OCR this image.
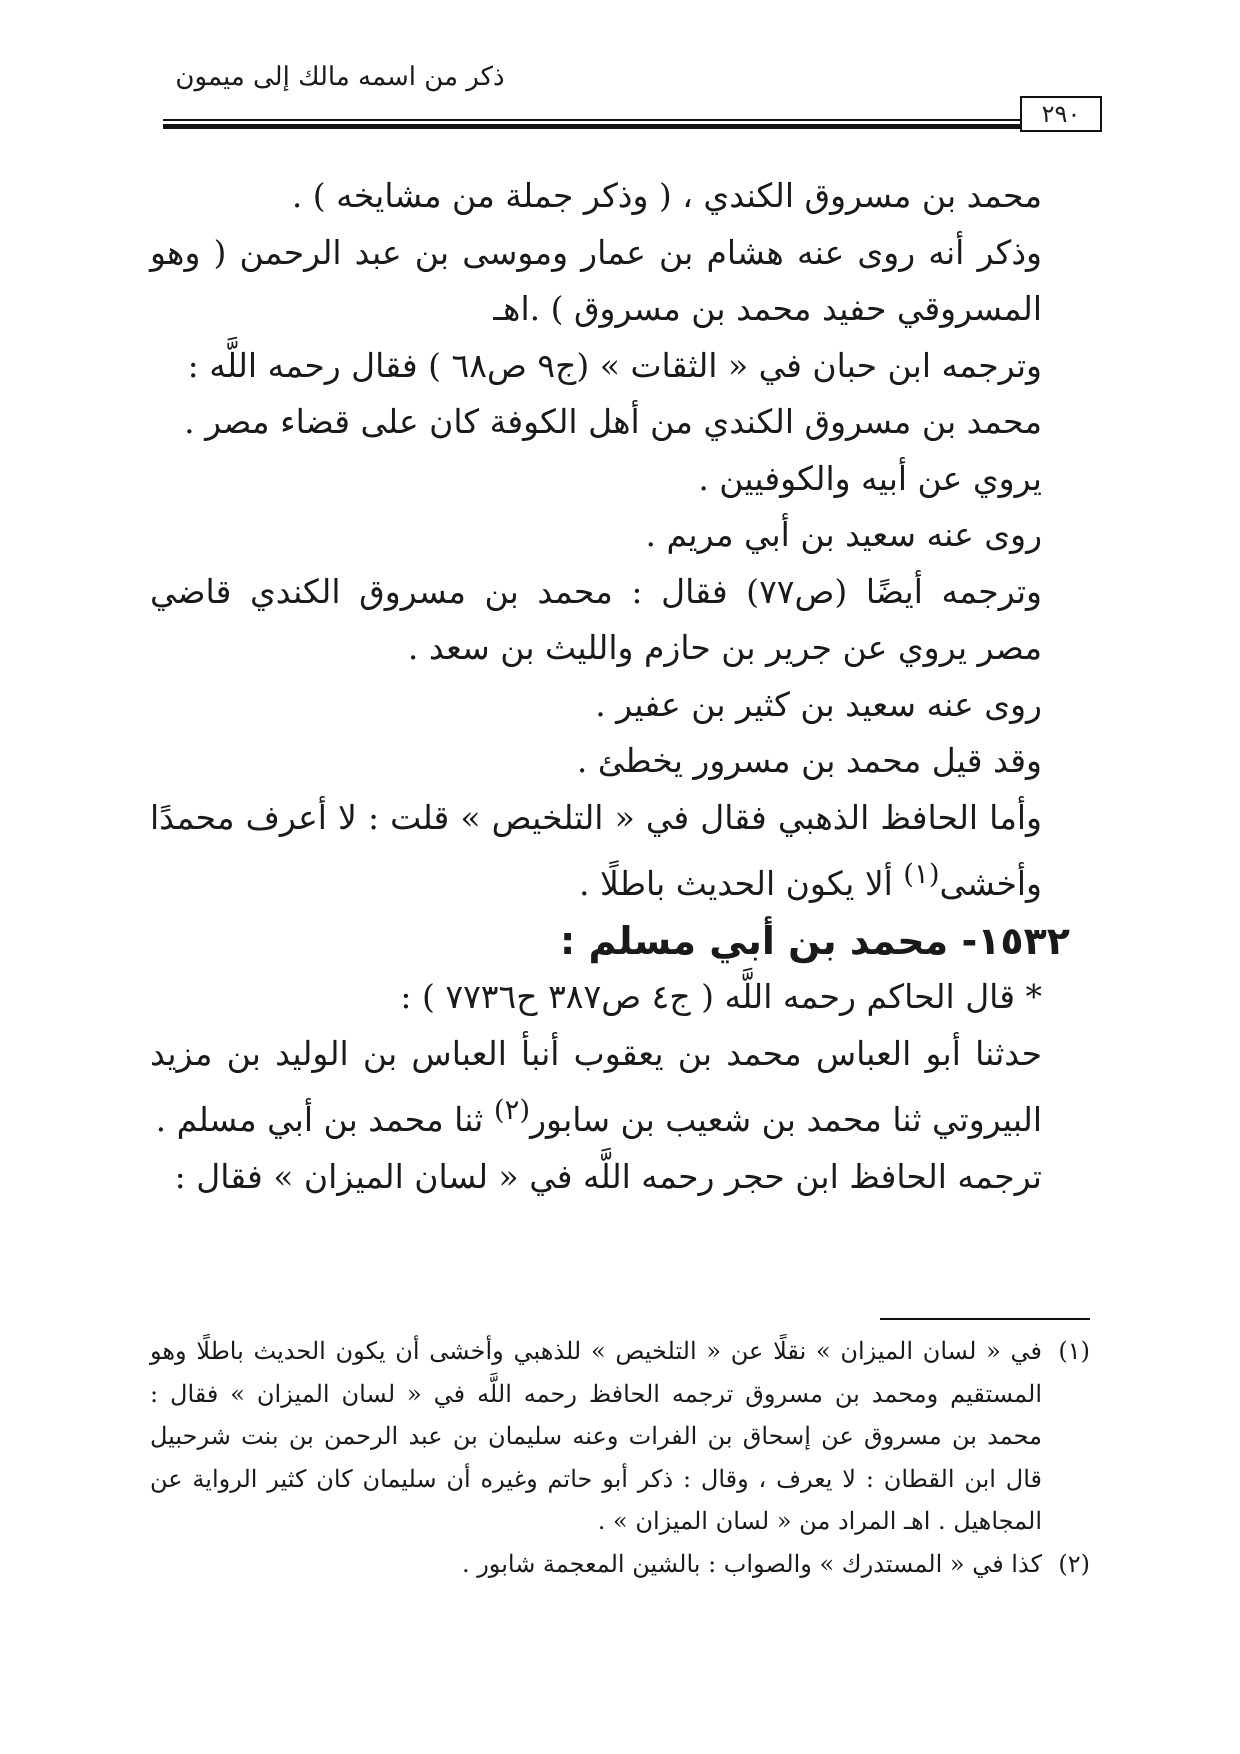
ذكر من اسمه مالك إلى ميمون
٢٩٠

محمد بن مسروق الكندي ، ( وذكر جملة من مشايخه ) .

وذكر أنه روى عنه هشام بن عمار وموسى بن عبد الرحمن ( وهو المسروقي حفيد محمد بن مسروق ) .اهـ

وترجمه ابن حبان في « الثقات » (ج٩ ص٦٨ ) فقال رحمه اللَّه :

محمد بن مسروق الكندي من أهل الكوفة كان على قضاء مصر .

يروي عن أبيه والكوفيين .

روى عنه سعيد بن أبي مريم .

وترجمه أيضًا (ص٧٧) فقال : محمد بن مسروق الكندي قاضي مصر يروي عن جرير بن حازم والليث بن سعد .

روى عنه سعيد بن كثير بن عفير .

وقد قيل محمد بن مسرور يخطئ .

وأما الحافظ الذهبي فقال في « التلخيص » قلت : لا أعرف محمدًا وأخشى$^{(١)}$ ألا يكون الحديث باطلًا .

١٥٣٢- محمد بن أبي مسلم :

* قال الحاكم رحمه اللَّه ( ج٤ ص٣٨٧ ح٧٧٣٦ ) :

حدثنا أبو العباس محمد بن يعقوب أنبأ العباس بن الوليد بن مزيد البيروتي ثنا محمد بن شعيب بن سابور$^{(٢)}$ ثنا محمد بن أبي مسلم .

ترجمه الحافظ ابن حجر رحمه اللَّه في « لسان الميزان » فقال :

(١)
في « لسان الميزان » نقلًا عن « التلخيص » للذهبي وأخشى أن يكون الحديث باطلًا وهو المستقيم ومحمد بن مسروق ترجمه الحافظ رحمه اللَّه في « لسان الميزان » فقال : محمد بن مسروق عن إسحاق بن الفرات وعنه سليمان بن عبد الرحمن بن بنت شرحبيل قال ابن القطان : لا يعرف ، وقال : ذكر أبو حاتم وغيره أن سليمان كان كثير الرواية عن المجاهيل . اهـ المراد من « لسان الميزان » .
(٢)
كذا في « المستدرك » والصواب : بالشين المعجمة شابور .
